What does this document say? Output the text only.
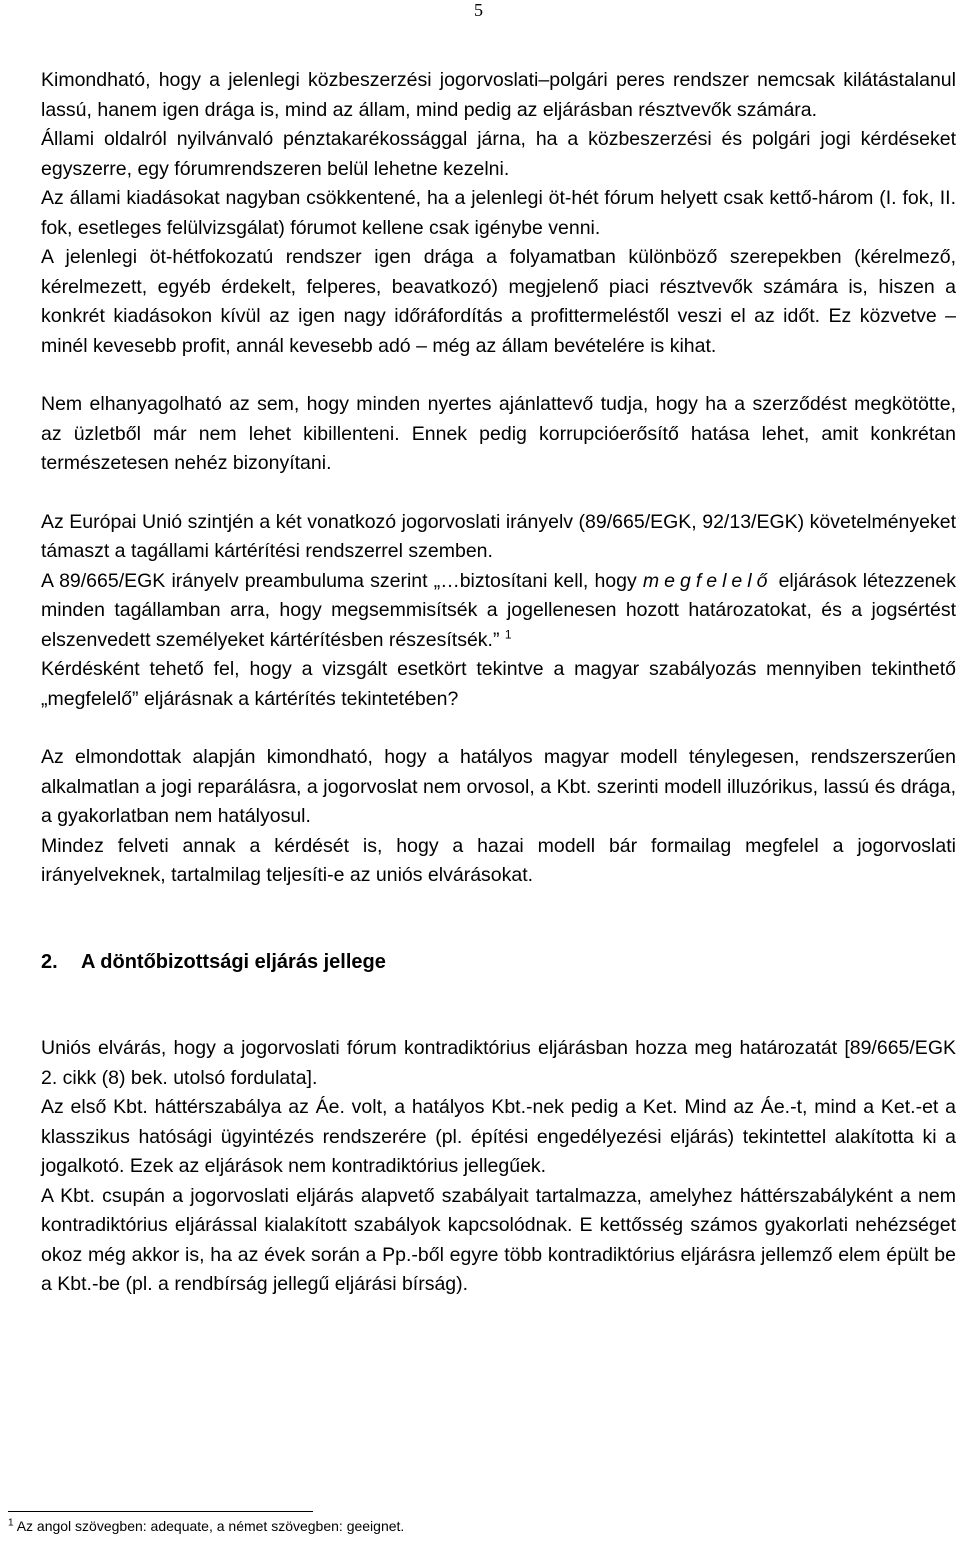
5

Kimondható, hogy a jelenlegi közbeszerzési jogorvoslati–polgári peres rendszer nemcsak kilátástalanul lassú, hanem igen drága is, mind az állam, mind pedig az eljárásban résztvevők számára.

Állami oldalról nyilvánvaló pénztakarékossággal járna, ha a közbeszerzési és polgári jogi kérdéseket egyszerre, egy fórumrendszeren belül lehetne kezelni.

Az állami kiadásokat nagyban csökkentené, ha a jelenlegi öt-hét fórum helyett csak kettő-három (I. fok, II. fok, esetleges felülvizsgálat) fórumot kellene csak igénybe venni.

A jelenlegi öt-hétfokozatú rendszer igen drága a folyamatban különböző szerepekben (kérelmező, kérelmezett, egyéb érdekelt, felperes, beavatkozó) megjelenő piaci résztvevők számára is, hiszen a konkrét kiadásokon kívül az igen nagy időráfordítás a profittermeléstől veszi el az időt. Ez közvetve – minél kevesebb profit, annál kevesebb adó – még az állam bevételére is kihat.

Nem elhanyagolható az sem, hogy minden nyertes ajánlattevő tudja, hogy ha a szerződést megkötötte, az üzletből már nem lehet kibillenteni. Ennek pedig korrupcióerősítő hatása lehet, amit konkrétan természetesen nehéz bizonyítani.

Az Európai Unió szintjén a két vonatkozó jogorvoslati irányelv (89/665/EGK, 92/13/EGK) követelményeket támaszt a tagállami kártérítési rendszerrel szemben.

A 89/665/EGK irányelv preambuluma szerint „…biztosítani kell, hogy megfelelő eljárások létezzenek minden tagállamban arra, hogy megsemmisítsék a jogellenesen hozott határozatokat, és a jogsértést elszenvedett személyeket kártérítésben részesítsék.” $^1$

Kérdésként tehető fel, hogy a vizsgált esetkört tekintve a magyar szabályozás mennyiben tekinthető „megfelelő” eljárásnak a kártérítés tekintetében?

Az elmondottak alapján kimondható, hogy a hatályos magyar modell ténylegesen, rendszerszerűen alkalmatlan a jogi reparálásra, a jogorvoslat nem orvosol, a Kbt. szerinti modell illuzórikus, lassú és drága, a gyakorlatban nem hatályosul.

Mindez felveti annak a kérdését is, hogy a hazai modell bár formailag megfelel a jogorvoslati irányelveknek, tartalmilag teljesíti-e az uniós elvárásokat.

2. A döntőbizottsági eljárás jellege

Uniós elvárás, hogy a jogorvoslati fórum kontradiktórius eljárásban hozza meg határozatát [89/665/EGK 2. cikk (8) bek. utolsó fordulata].

Az első Kbt. háttérszabálya az Áe. volt, a hatályos Kbt.-nek pedig a Ket. Mind az Áe.-t, mind a Ket.-et a klasszikus hatósági ügyintézés rendszerére (pl. építési engedélyezési eljárás) tekintettel alakította ki a jogalkotó. Ezek az eljárások nem kontradiktórius jellegűek.

A Kbt. csupán a jogorvoslati eljárás alapvető szabályait tartalmazza, amelyhez háttérszabályként a nem kontradiktórius eljárással kialakított szabályok kapcsolódnak. E kettősség számos gyakorlati nehézséget okoz még akkor is, ha az évek során a Pp.-ből egyre több kontradiktórius eljárásra jellemző elem épült be a Kbt.-be (pl. a rendbírság jellegű eljárási bírság).

$^1$ Az angol szövegben: adequate, a német szövegben: geeignet.
